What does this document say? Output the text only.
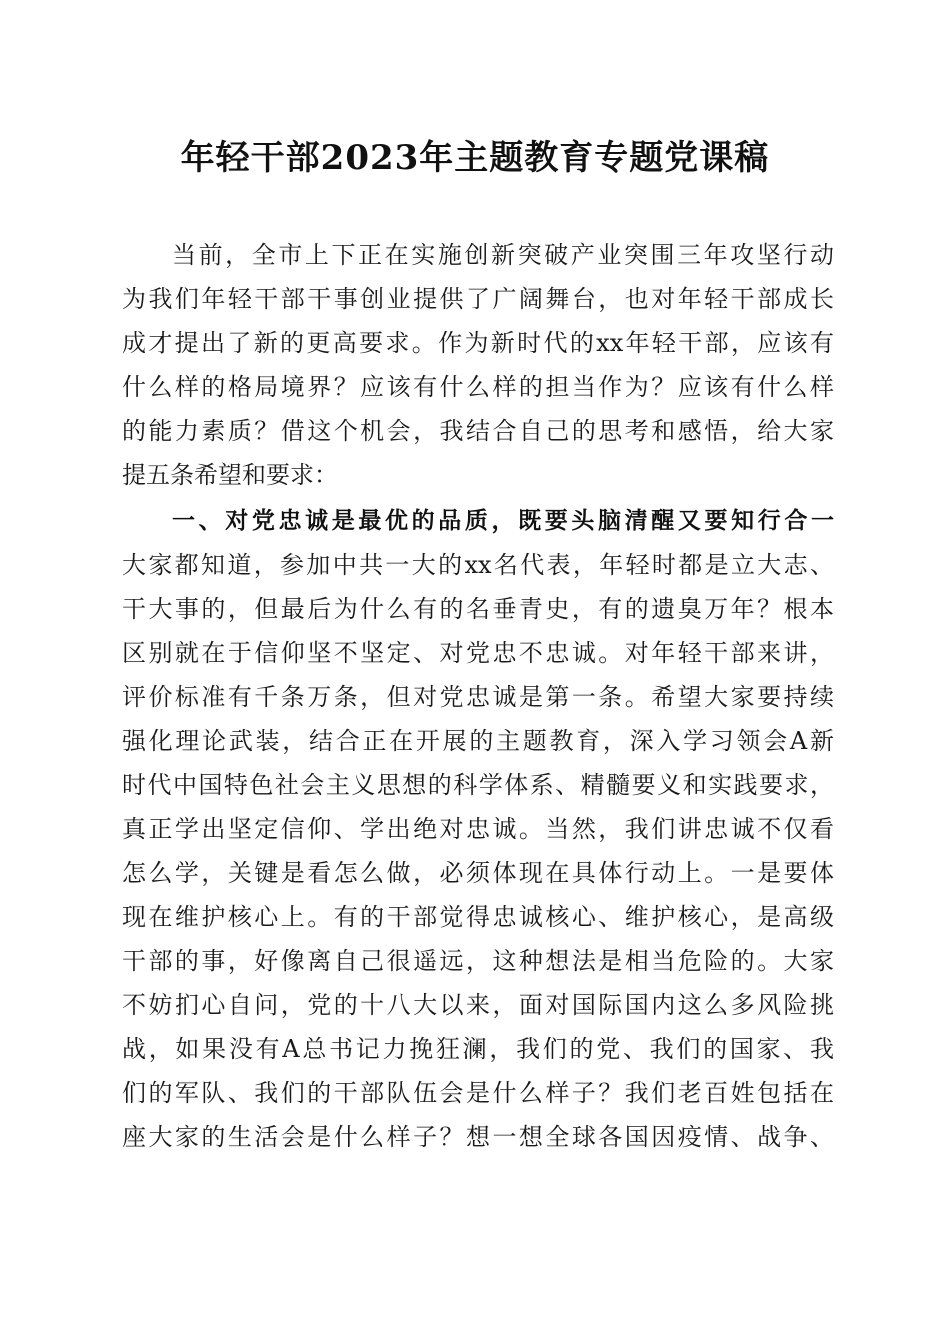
年轻干部2023年主题教育专题党课稿

当前，全市上下正在实施创新突破产业突围三年攻坚行动

为我们年轻干部干事创业提供了广阔舞台，也对年轻干部成长

成才提出了新的更高要求。作为新时代的xx年轻干部，应该有

什么样的格局境界？应该有什么样的担当作为？应该有什么样

的能力素质？借这个机会，我结合自己的思考和感悟，给大家

提五条希望和要求：

一、对党忠诚是最优的品质，既要头脑清醒又要知行合一

大家都知道，参加中共一大的xx名代表，年轻时都是立大志、

干大事的，但最后为什么有的名垂青史，有的遗臭万年？根本

区别就在于信仰坚不坚定、对党忠不忠诚。对年轻干部来讲，

评价标准有千条万条，但对党忠诚是第一条。希望大家要持续

强化理论武装，结合正在开展的主题教育，深入学习领会A新

时代中国特色社会主义思想的科学体系、精髓要义和实践要求，

真正学出坚定信仰、学出绝对忠诚。当然，我们讲忠诚不仅看

怎么学，关键是看怎么做，必须体现在具体行动上。一是要体

现在维护核心上。有的干部觉得忠诚核心、维护核心，是高级

干部的事，好像离自己很遥远，这种想法是相当危险的。大家

不妨扪心自问，党的十八大以来，面对国际国内这么多风险挑

战，如果没有A总书记力挽狂澜，我们的党、我们的国家、我

们的军队、我们的干部队伍会是什么样子？我们老百姓包括在

座大家的生活会是什么样子？想一想全球各国因疫情、战争、
